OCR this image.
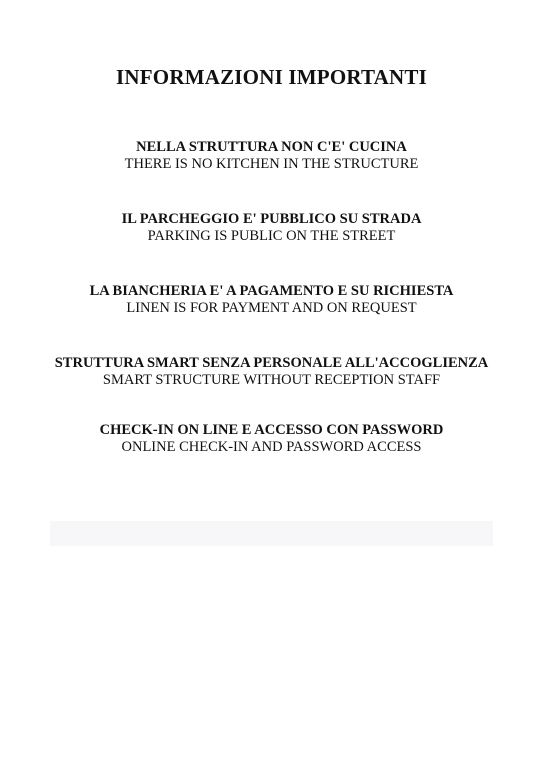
INFORMAZIONI IMPORTANTI
NELLA STRUTTURA NON C'E' CUCINA
THERE IS NO KITCHEN IN THE STRUCTURE
IL PARCHEGGIO E' PUBBLICO SU STRADA
PARKING IS PUBLIC ON THE STREET
LA BIANCHERIA E' A PAGAMENTO E SU RICHIESTA
LINEN IS FOR PAYMENT AND ON REQUEST
STRUTTURA SMART SENZA PERSONALE ALL'ACCOGLIENZA
SMART STRUCTURE WITHOUT RECEPTION STAFF
CHECK-IN ON LINE E ACCESSO CON PASSWORD
ONLINE CHECK-IN AND PASSWORD ACCESS
